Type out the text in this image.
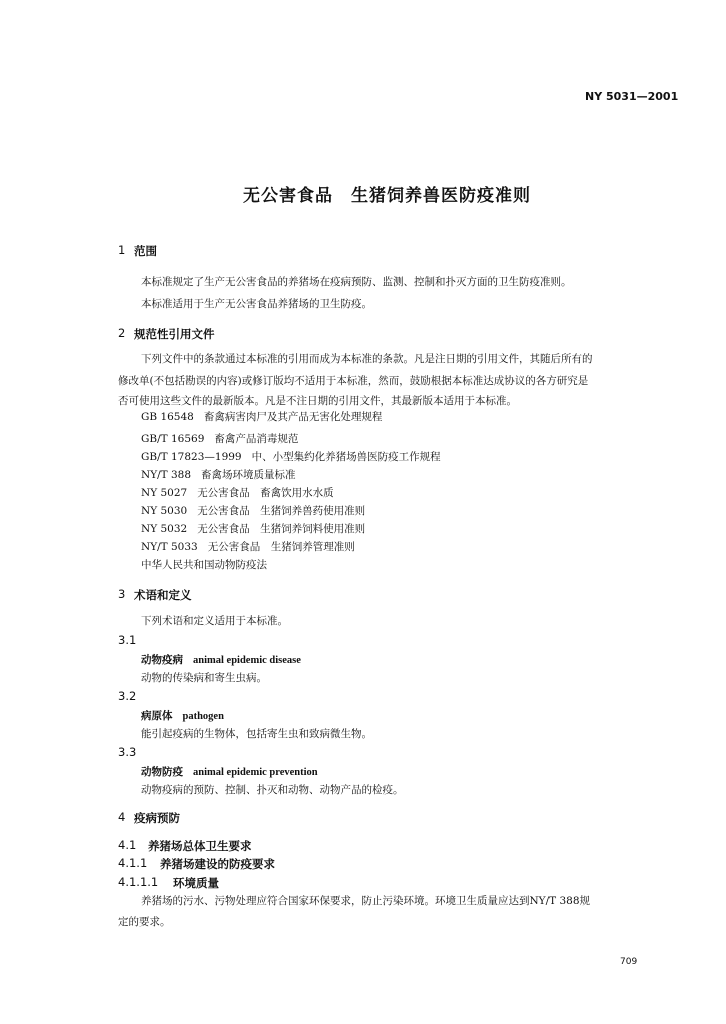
NY 5031—2001
无公害食品　生猪饲养兽医防疫准则
1 范围
本标准规定了生产无公害食品的养猪场在疫病预防、监测、控制和扑灭方面的卫生防疫准则。
本标准适用于生产无公害食品养猪场的卫生防疫。
2 规范性引用文件
下列文件中的条款通过本标准的引用而成为本标准的条款。凡是注日期的引用文件，其随后所有的
修改单(不包括勘误的内容)或修订版均不适用于本标准，然而，鼓励根据本标准达成协议的各方研究是
否可使用这些文件的最新版本。凡是不注日期的引用文件，其最新版本适用于本标准。
GB 16548 畜禽病害肉尸及其产品无害化处理规程
GB/T 16569 畜禽产品消毒规范
GB/T 17823—1999 中、小型集约化养猪场兽医防疫工作规程
NY/T 388 畜禽场环境质量标准
NY 5027 无公害食品　畜禽饮用水水质
NY 5030 无公害食品　生猪饲养兽药使用准则
NY 5032 无公害食品　生猪饲养饲料使用准则
NY/T 5033 无公害食品　生猪饲养管理准则
中华人民共和国动物防疫法
3 术语和定义
下列术语和定义适用于本标准。
3.1
动物疫病 animal epidemic disease
动物的传染病和寄生虫病。
3.2
病原体 pathogen
能引起疫病的生物体，包括寄生虫和致病微生物。
3.3
动物防疫 animal epidemic prevention
动物疫病的预防、控制、扑灭和动物、动物产品的检疫。
4 疫病预防
4.1 养猪场总体卫生要求
4.1.1 养猪场建设的防疫要求
4.1.1.1 环境质量
养猪场的污水、污物处理应符合国家环保要求，防止污染环境。环境卫生质量应达到NY/T 388规
定的要求。
709
